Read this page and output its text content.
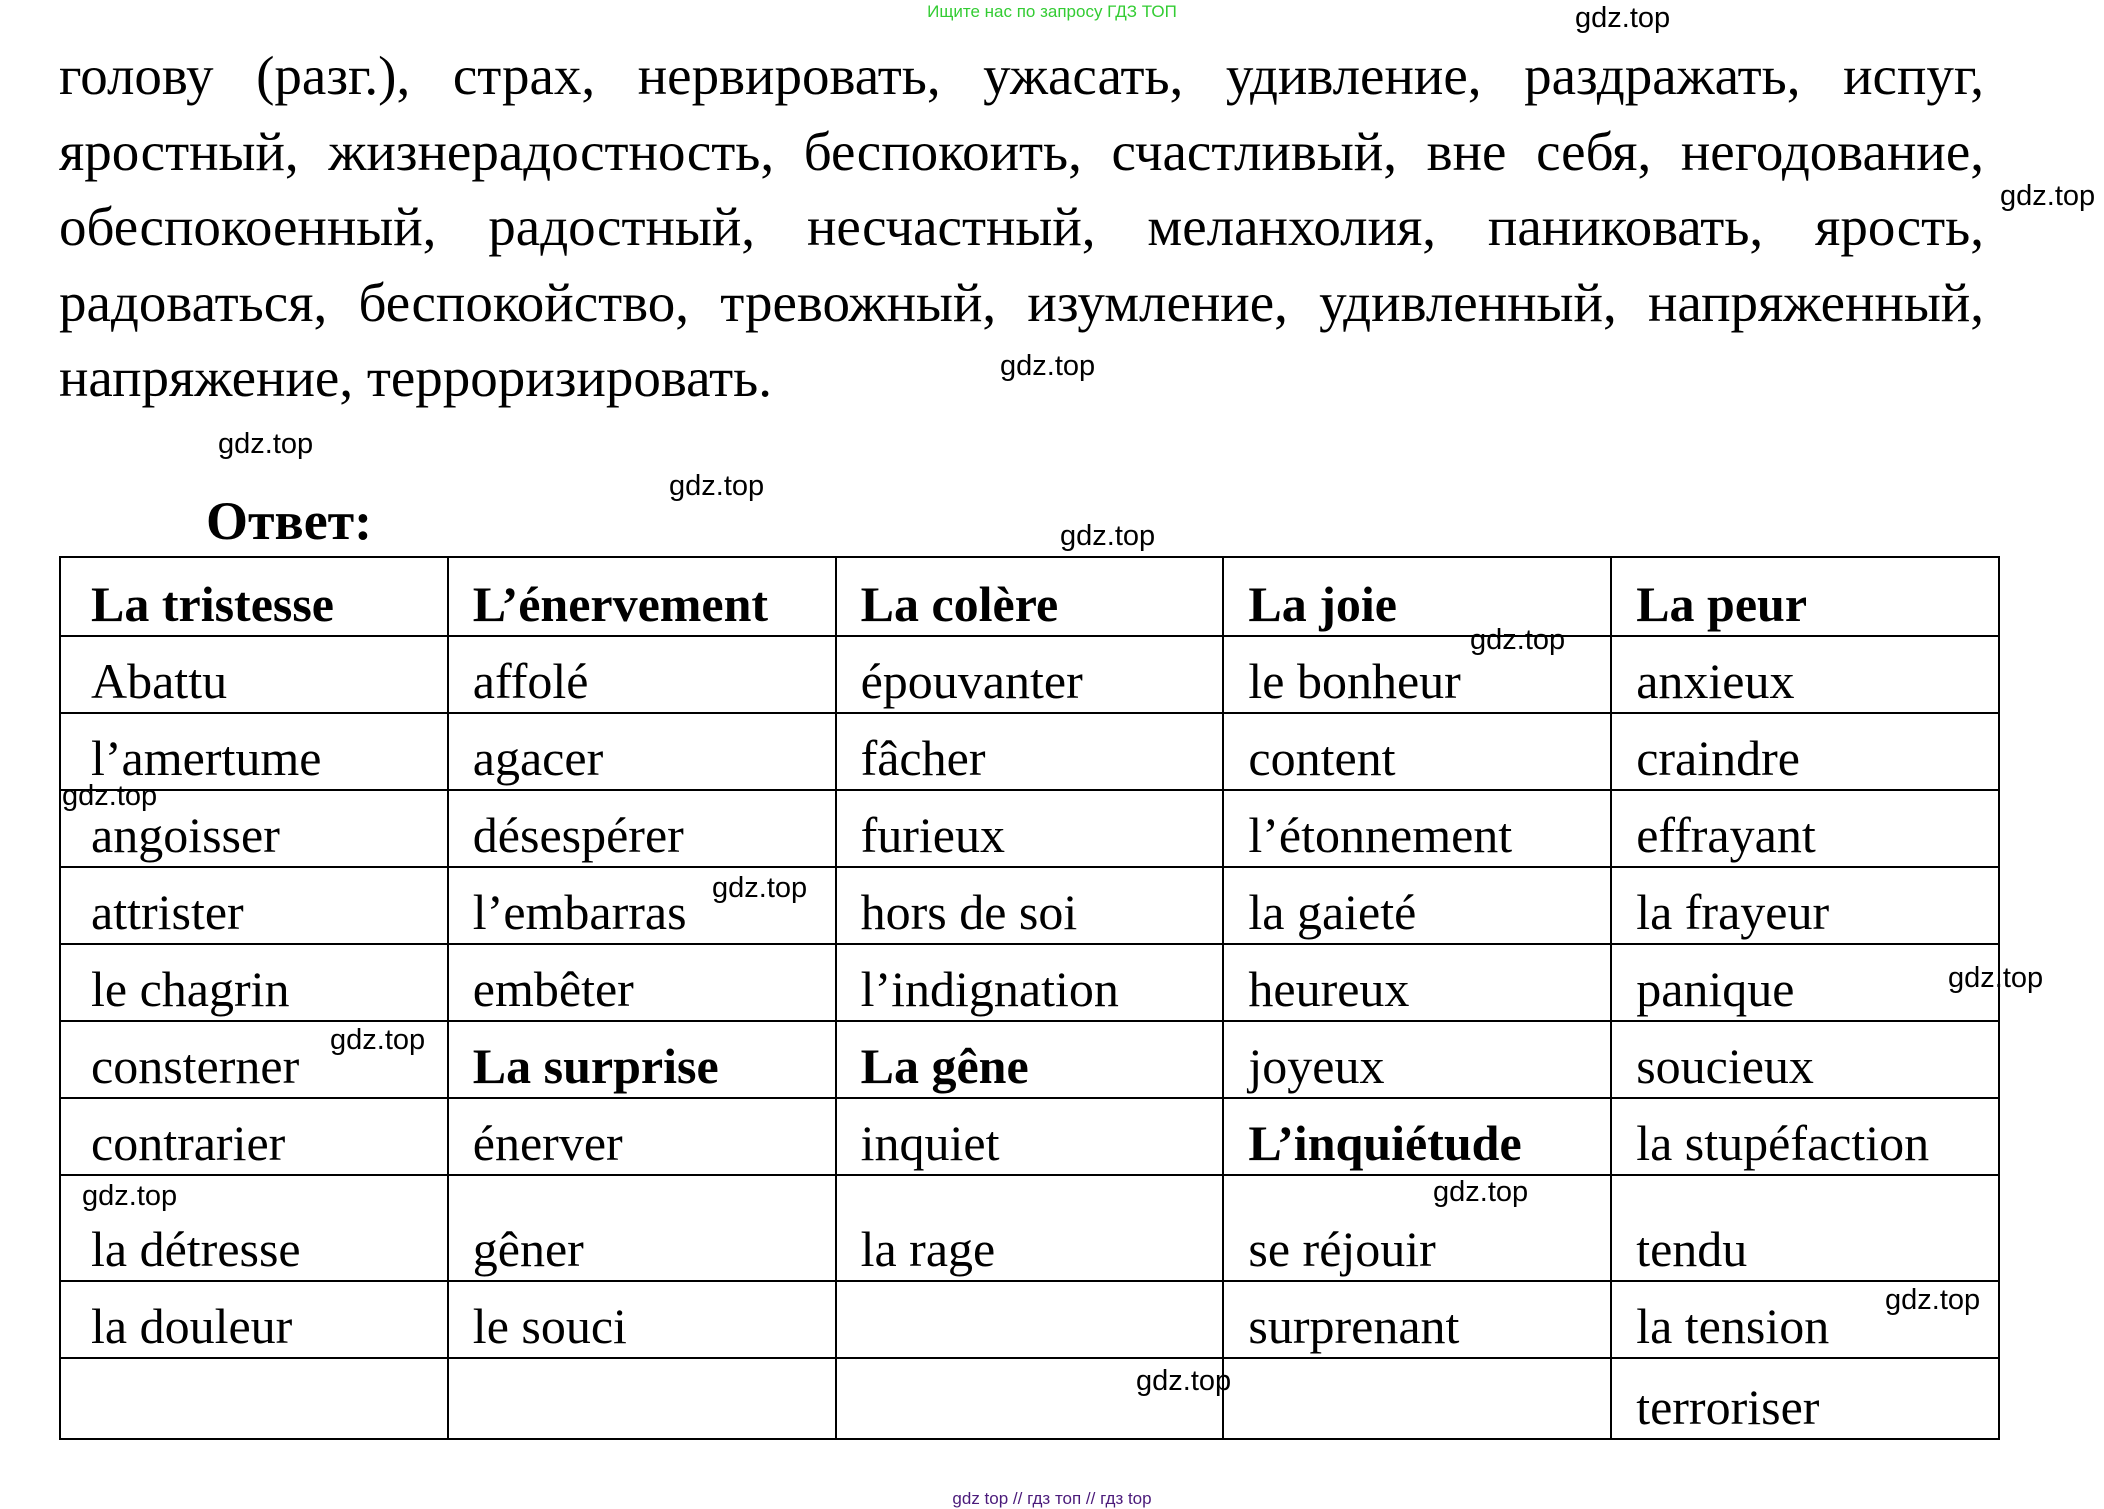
Ищите нас по запросу ГДЗ ТОП
голову (разг.), страх, нервировать, ужасать, удивление, раздражать, испуг, яростный, жизнерадостность, беспокоить, счастливый, вне себя, негодование, обеспокоенный, радостный, несчастный, меланхолия, паниковать, ярость, радоваться, беспокойство, тревожный, изумление, удивленный, напряженный, напряжение, терроризировать.
Ответ:
La tristesse	L’énervement	La colère	La joie	La peur
Abattu	affolé	épouvanter	le bonheur	anxieux
l’amertume	agacer	fâcher	content	craindre
angoisser	désespérer	furieux	l’étonnement	effrayant
attrister	l’embarras	hors de soi	la gaieté	la frayeur
le chagrin	embêter	l’indignation	heureux	panique
consterner	La surprise	La gêne	joyeux	soucieux
contrarier	énerver	inquiet	L’inquiétude	la stupéfaction
la détresse	gêner	la rage	se réjouir	tendu
la douleur	le souci		surprenant	la tension
				terroriser
gdz.top
gdz.top
gdz.top
gdz.top
gdz.top
gdz.top
gdz.top
gdz.top
gdz.top
gdz.top
gdz.top
gdz.top
gdz.top
gdz.top
gdz.top
gdz top // гдз топ // гдз top
